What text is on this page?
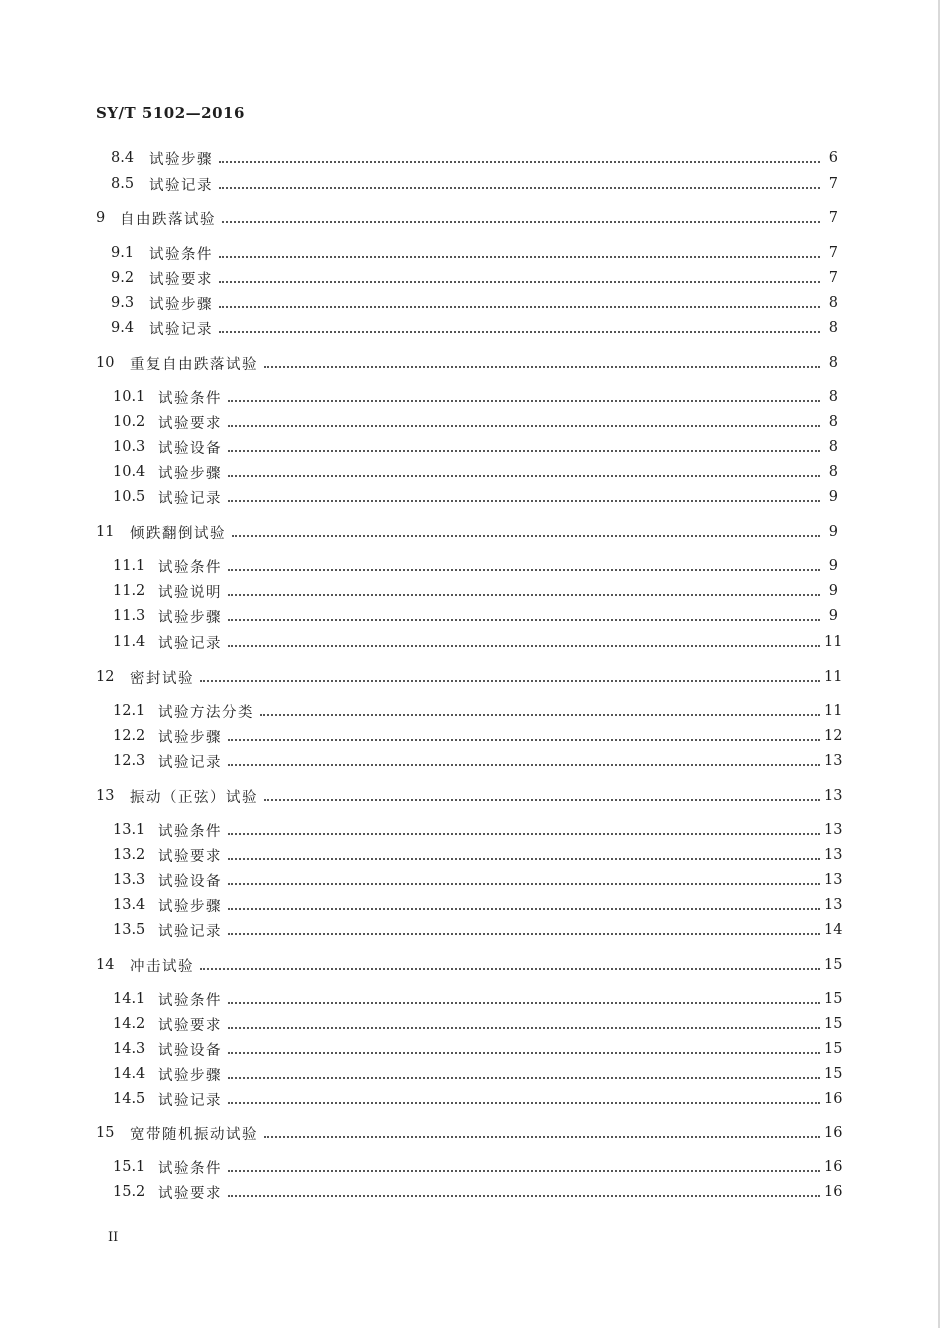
SY/T 5102—2016
8.4	试验步骤	6
8.5	试验记录	7
9	自由跌落试验	7
9.1	试验条件	7
9.2	试验要求	7
9.3	试验步骤	8
9.4	试验记录	8
10	重复自由跌落试验	8
10.1 试验条件	8
10.2 试验要求	8
10.3 试验设备	8
10.4 试验步骤	8
10.5 试验记录	9
11	倾跌翻倒试验	9
11.1 试验条件	9
11.2 试验说明	9
11.3 试验步骤	9
11.4 试验记录	11
12	密封试验	11
12.1 试验方法分类	11
12.2 试验步骤	12
12.3 试验记录	13
13	振动（正弦）试验	13
13.1 试验条件	13
13.2 试验要求	13
13.3 试验设备	13
13.4 试验步骤	13
13.5 试验记录	14
14	冲击试验	15
14.1 试验条件	15
14.2 试验要求	15
14.3 试验设备	15
14.4 试验步骤	15
14.5 试验记录	16
15	宽带随机振动试验	16
15.1 试验条件	16
15.2 试验要求	16
II
